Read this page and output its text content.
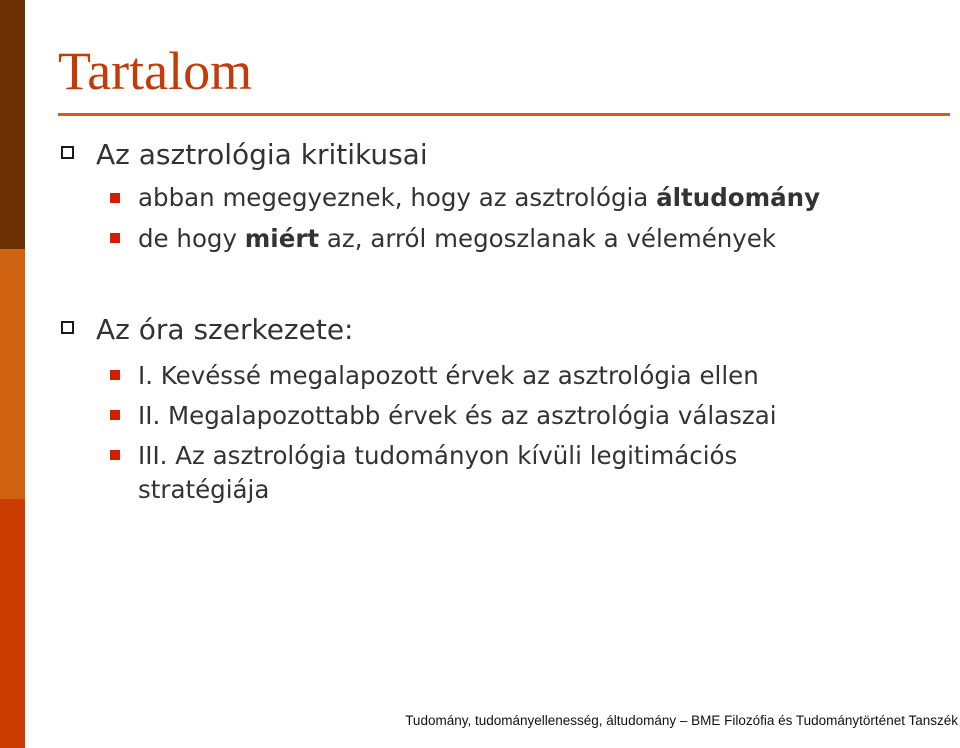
Tartalom
Az asztrológia kritikusai
abban megegyeznek, hogy az asztrológia áltudomány
de hogy miért az, arról megoszlanak a vélemények
Az óra szerkezete:
I. Kevéssé megalapozott érvek az asztrológia ellen
II. Megalapozottabb érvek és az asztrológia válaszai
III. Az asztrológia tudományon kívüli legitimációs
stratégiája
Tudomány, tudományellenesség, áltudomány – BME Filozófia és Tudománytörténet Tanszék
